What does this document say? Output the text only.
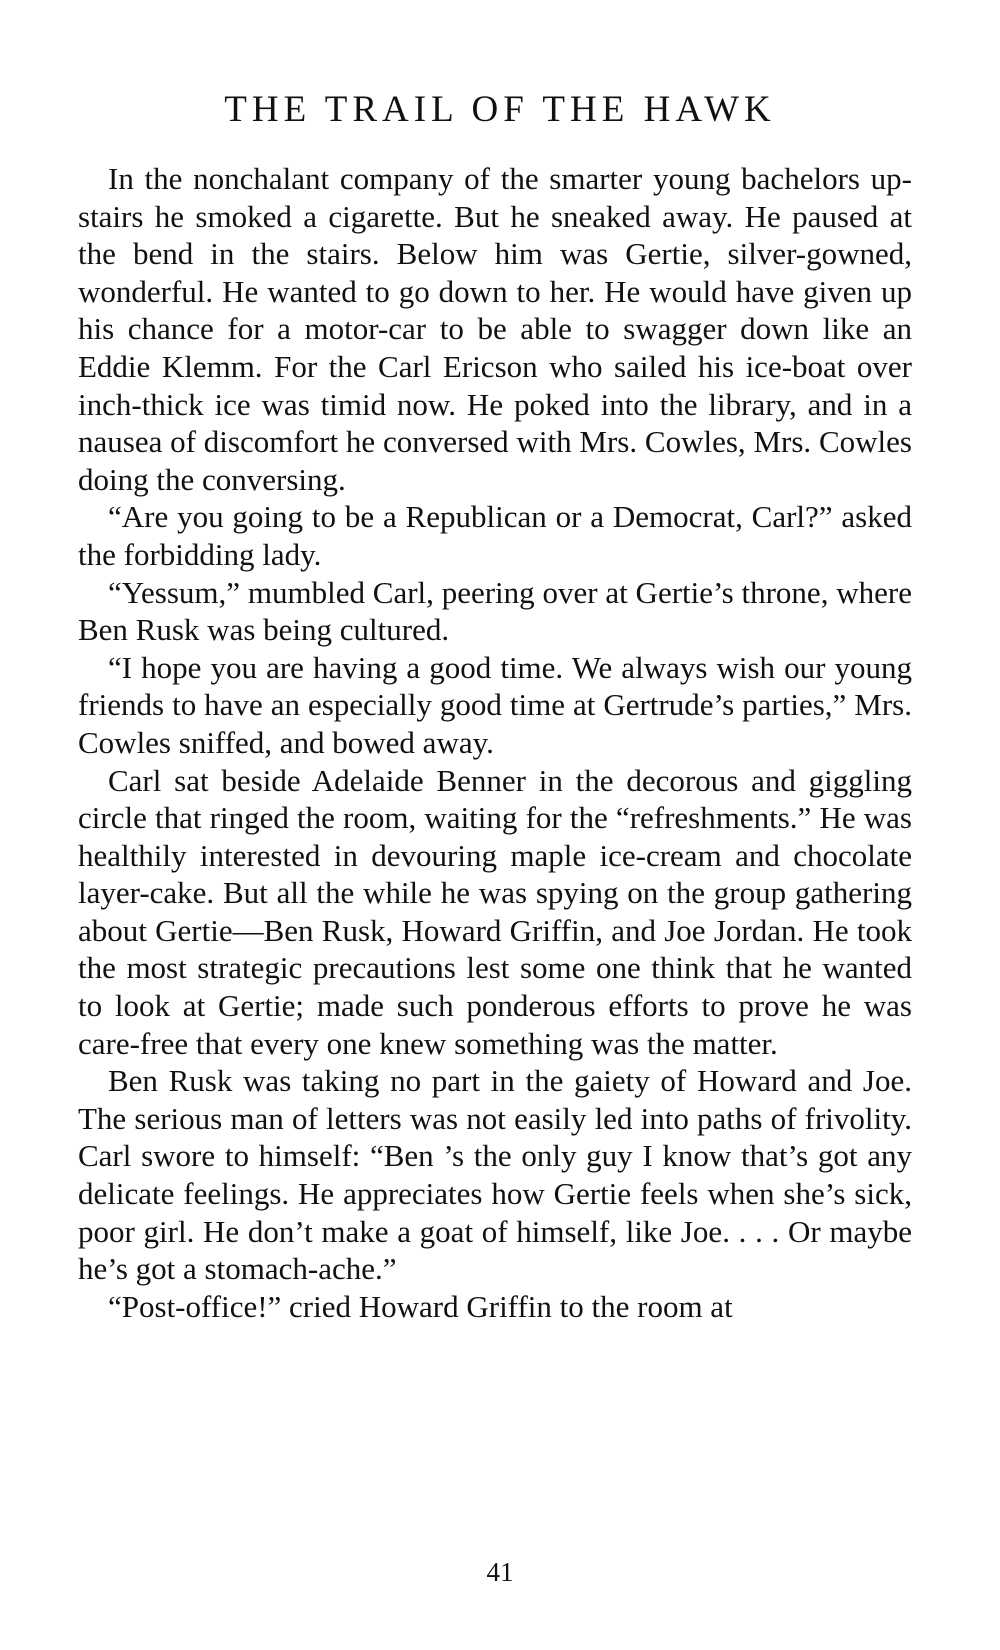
THE TRAIL OF THE HAWK

In the nonchalant company of the smarter young bachelors up-stairs he smoked a cigarette. But he sneaked away. He paused at the bend in the stairs. Below him was Gertie, silver-gowned, wonderful. He wanted to go down to her. He would have given up his chance for a motor-car to be able to swagger down like an Eddie Klemm. For the Carl Ericson who sailed his ice-boat over inch-thick ice was timid now. He poked into the library, and in a nausea of discomfort he conversed with Mrs. Cowles, Mrs. Cowles doing the conversing.

“Are you going to be a Republican or a Democrat, Carl?” asked the forbidding lady.

“Yessum,” mumbled Carl, peering over at Gertie’s throne, where Ben Rusk was being cultured.

“I hope you are having a good time. We always wish our young friends to have an especially good time at Gertrude’s parties,” Mrs. Cowles sniffed, and bowed away.

Carl sat beside Adelaide Benner in the decorous and giggling circle that ringed the room, waiting for the “refreshments.” He was healthily interested in devouring maple ice-cream and chocolate layer-cake. But all the while he was spying on the group gathering about Gertie—Ben Rusk, Howard Griffin, and Joe Jordan. He took the most strategic precautions lest some one think that he wanted to look at Gertie; made such ponderous efforts to prove he was care-free that every one knew something was the matter.

Ben Rusk was taking no part in the gaiety of Howard and Joe. The serious man of letters was not easily led into paths of frivolity. Carl swore to himself: “Ben ’s the only guy I know that’s got any delicate feelings. He appreciates how Gertie feels when she’s sick, poor girl. He don’t make a goat of himself, like Joe. . . . Or maybe he’s got a stomach-ache.”

“Post-office!” cried Howard Griffin to the room at

41
